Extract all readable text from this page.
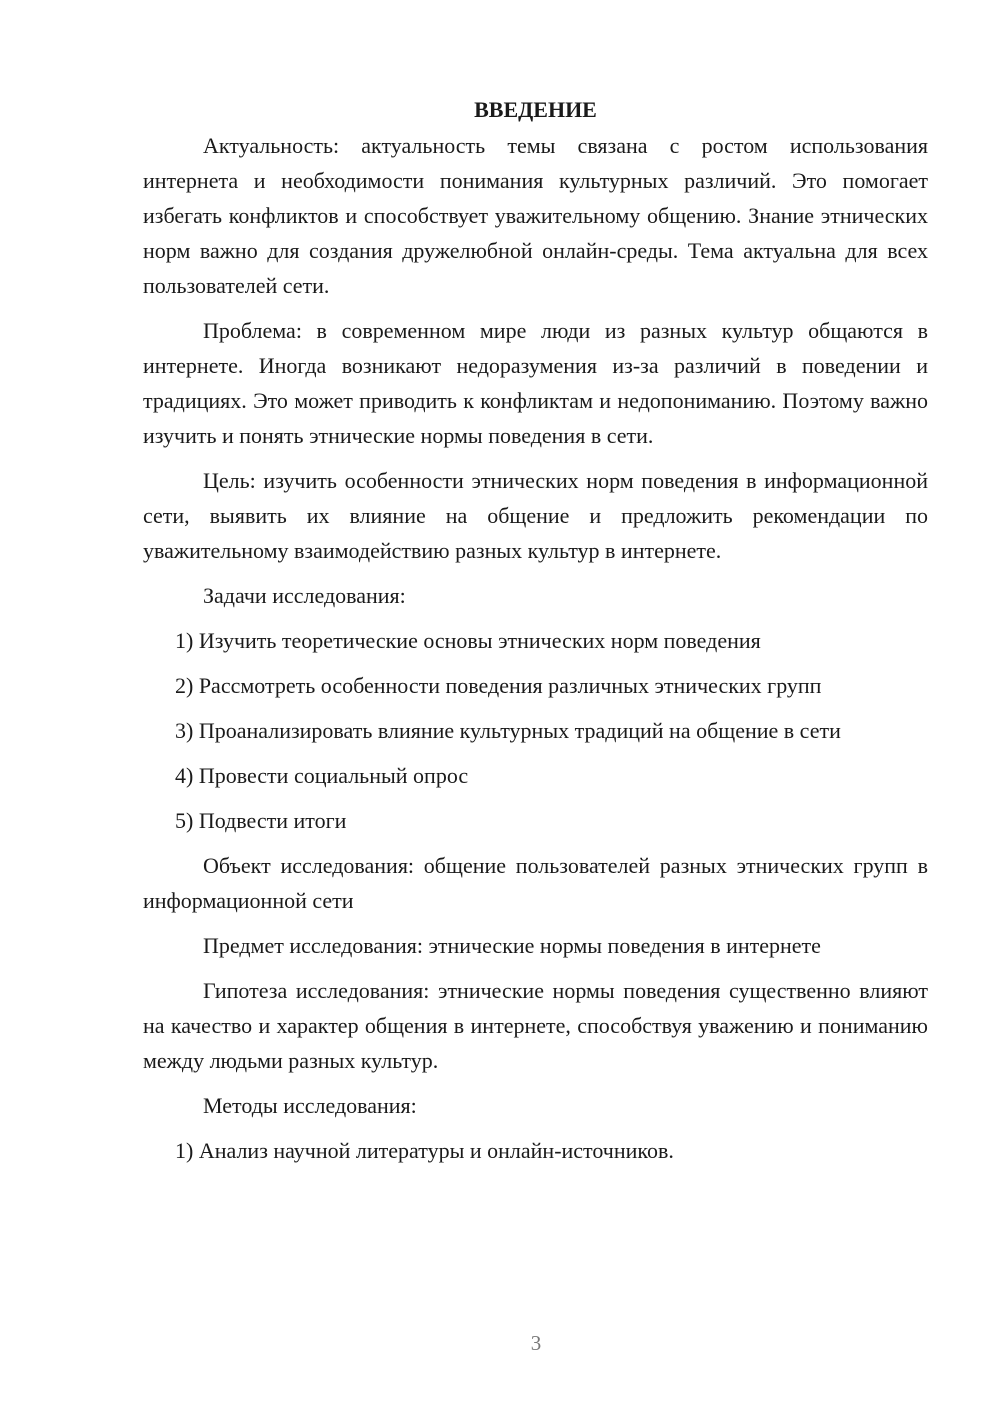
ВВЕДЕНИЕ

Актуальность: актуальность темы связана с ростом использования интернета и необходимости понимания культурных различий. Это помогает избегать конфликтов и способствует уважительному общению. Знание этнических норм важно для создания дружелюбной онлайн-среды. Тема актуальна для всех пользователей сети.

Проблема: в современном мире люди из разных культур общаются в интернете. Иногда возникают недоразумения из-за различий в поведении и традициях. Это может приводить к конфликтам и недопониманию. Поэтому важно изучить и понять этнические нормы поведения в сети.

Цель: изучить особенности этнических норм поведения в информационной сети, выявить их влияние на общение и предложить рекомендации по уважительному взаимодействию разных культур в интернете.

Задачи исследования:

1) Изучить теоретические основы этнических норм поведения

2) Рассмотреть особенности поведения различных этнических групп

3) Проанализировать влияние культурных традиций на общение в сети

4) Провести социальный опрос

5) Подвести итоги

Объект исследования: общение пользователей разных этнических групп в информационной сети

Предмет исследования: этнические нормы поведения в интернете

Гипотеза исследования: этнические нормы поведения существенно влияют на качество и характер общения в интернете, способствуя уважению и пониманию между людьми разных культур.

Методы исследования:

1) Анализ научной литературы и онлайн-источников.

3
